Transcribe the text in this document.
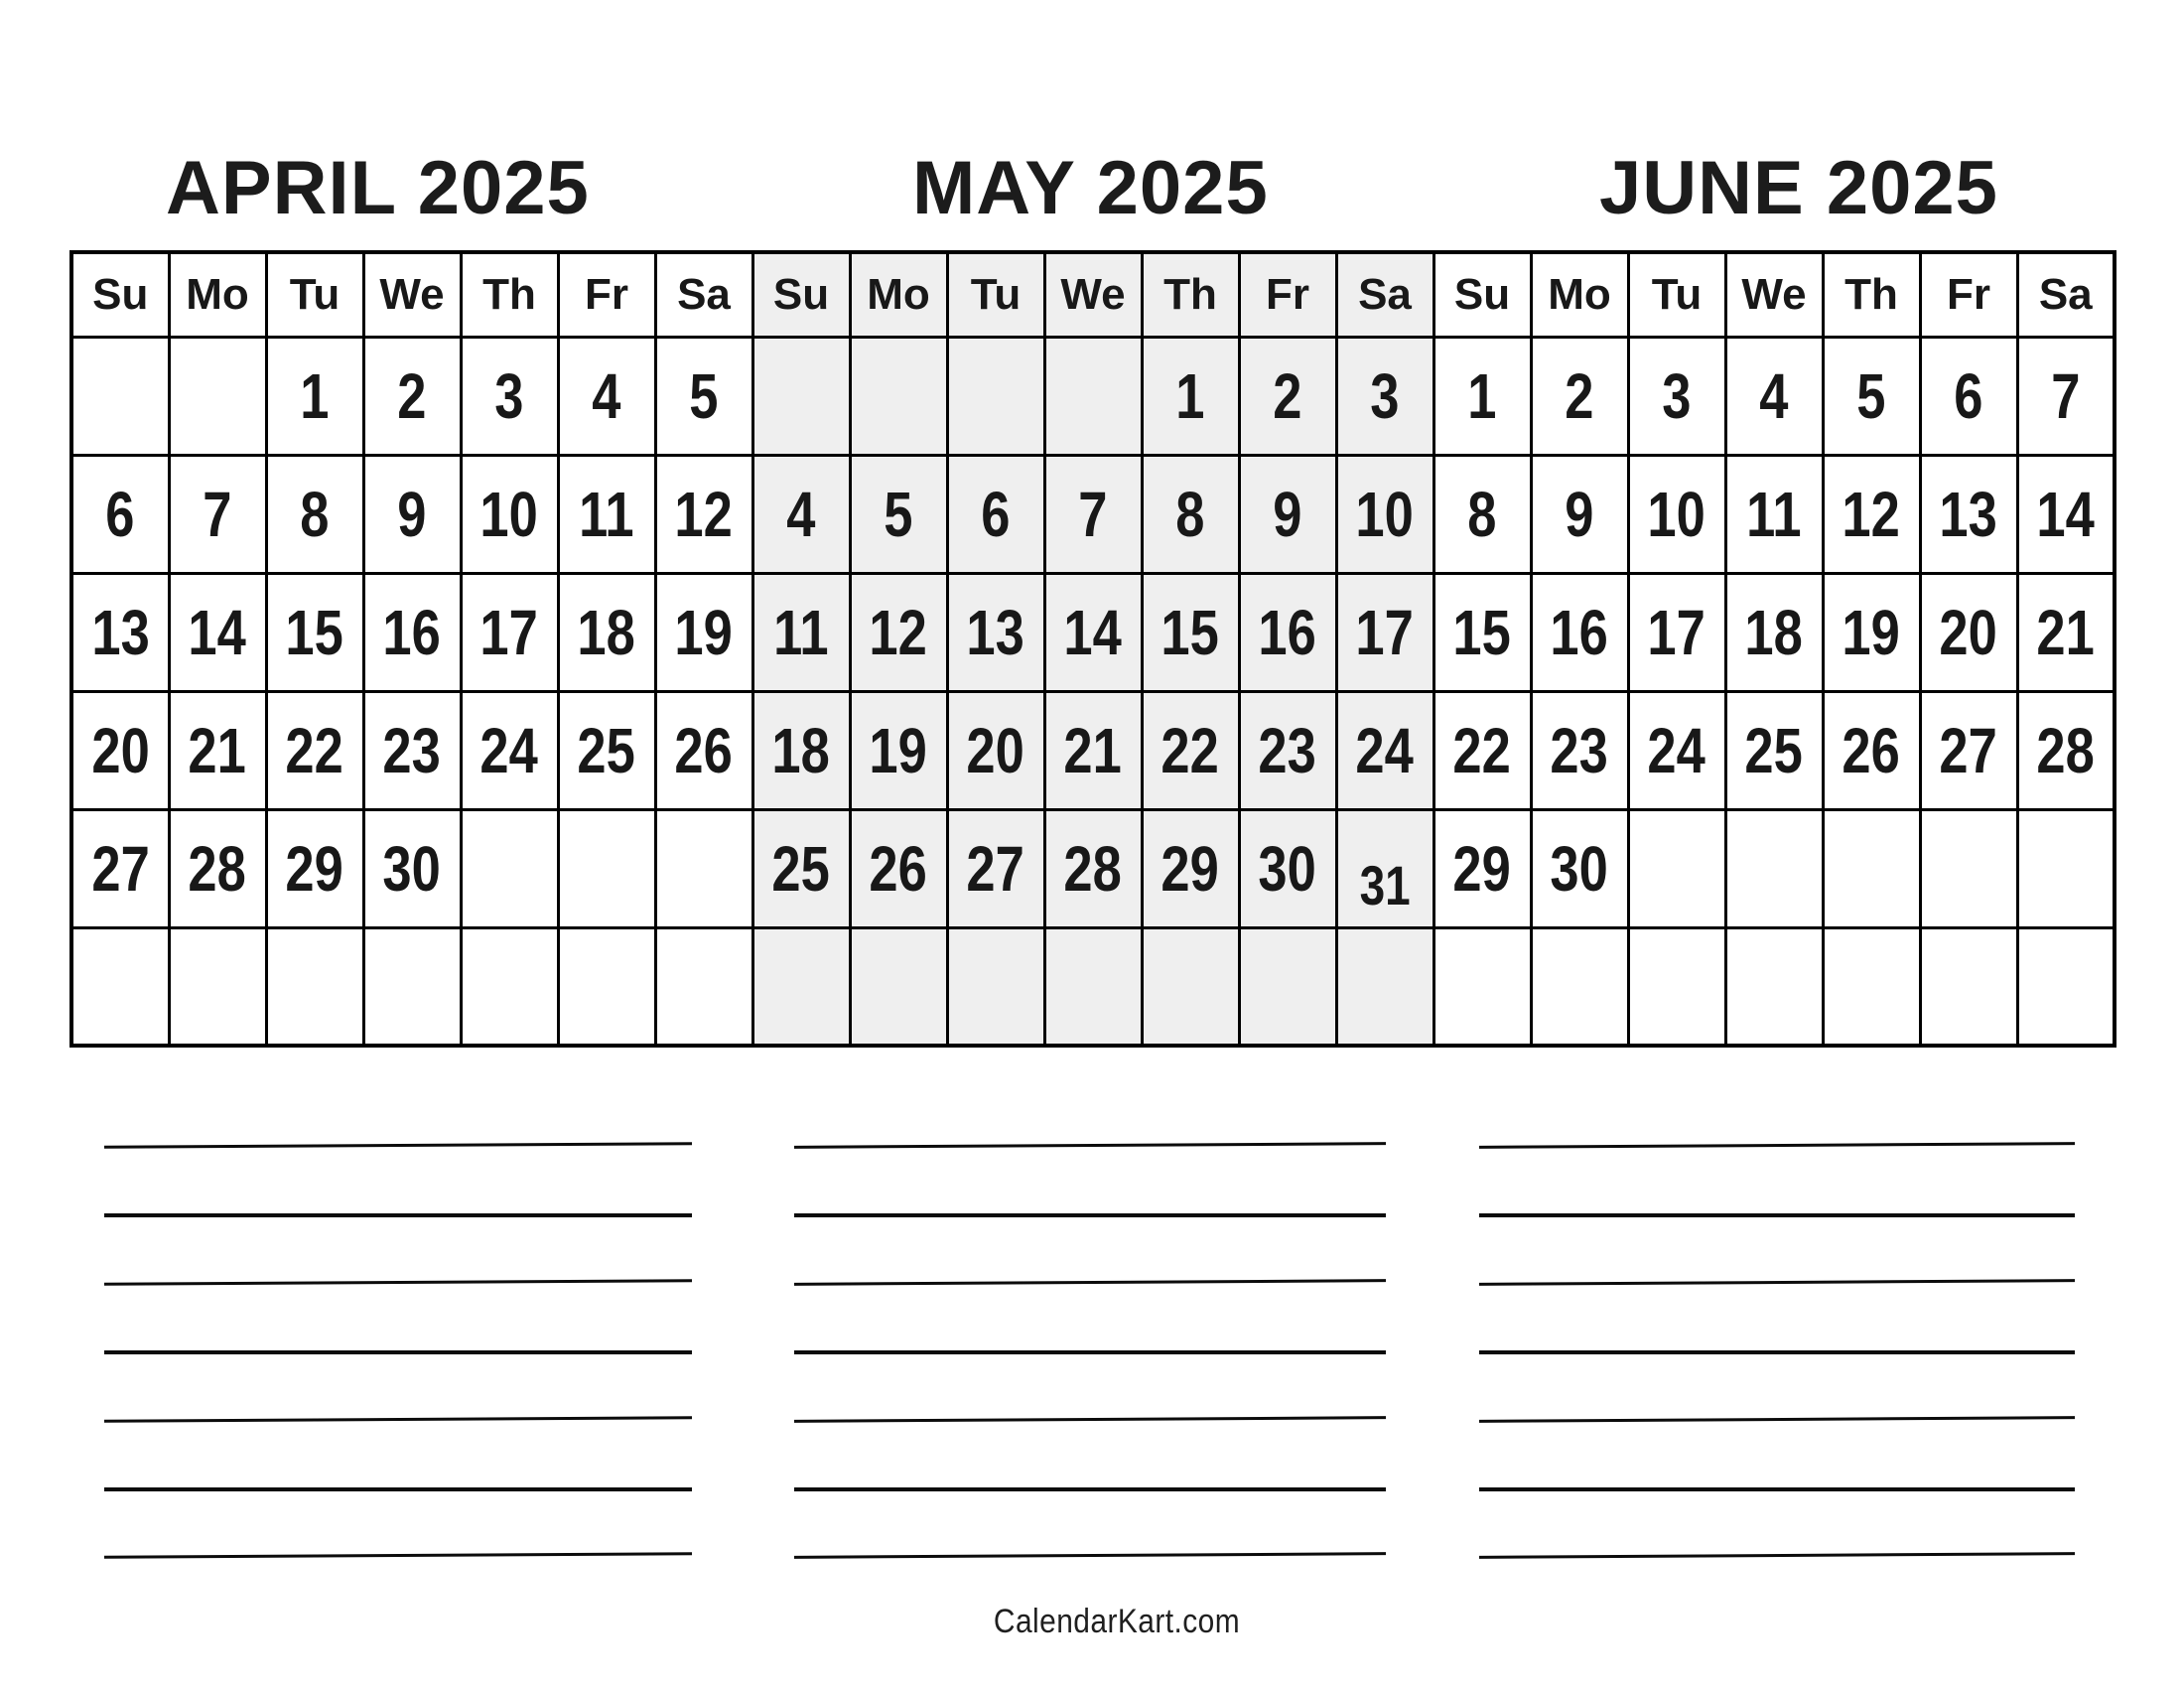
APRIL 2025	MAY 2025	JUNE 2025
Su	Mo	Tu	We	Th	Fr	Sa	Su	Mo	Tu	We	Th	Fr	Sa	Su	Mo	Tu	We	Th	Fr	Sa
		1	2	3	4	5					1	2	3	1	2	3	4	5	6	7
6	7	8	9	10	11	12	4	5	6	7	8	9	10	8	9	10	11	12	13	14
13	14	15	16	17	18	19	11	12	13	14	15	16	17	15	16	17	18	19	20	21
20	21	22	23	24	25	26	18	19	20	21	22	23	24	22	23	24	25	26	27	28
27	28	29	30				25	26	27	28	29	30	31	29	30					

CalendarKart.com
